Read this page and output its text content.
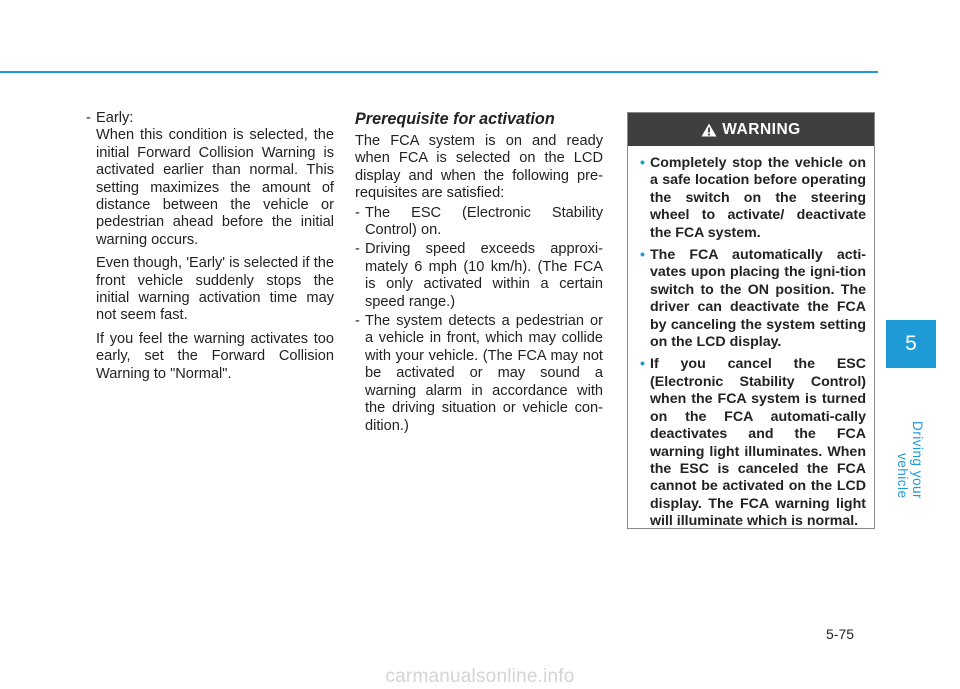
- Early:

When this condition is selected, the initial Forward Collision Warning is activated earlier than normal. This setting maximizes the amount of distance between the vehicle or pedestrian ahead before the initial warning occurs.

Even though, 'Early' is selected if the front vehicle suddenly stops the initial warning activation time may not seem fast.

If you feel the warning activates too early, set the Forward Collision Warning to "Normal".

Prerequisite for activation

The FCA system is on and ready when FCA is selected on the LCD display and when the following pre-requisites are satisfied:

- The ESC (Electronic Stability Control) on.
- Driving speed exceeds approxi-mately 6 mph (10 km/h). (The FCA is only activated within a certain speed range.)
- The system detects a pedestrian or a vehicle in front, which may collide with your vehicle. (The FCA may not be activated or may sound a warning alarm in accordance with the driving situation or vehicle con-dition.)
WARNING
• Completely stop the vehicle on a safe location before operating the switch on the steering wheel to activate/ deactivate the FCA system.
• The FCA automatically acti-vates upon placing the igni-tion switch to the ON position. The driver can deactivate the FCA by canceling the system setting on the LCD display.
• If you cancel the ESC (Electronic Stability Control) when the FCA system is turned on the FCA automati-cally deactivates and the FCA warning light illuminates. When the ESC is canceled the FCA cannot be activated on the LCD display. The FCA warning light will illuminate which is normal.
5
Driving your vehicle
5-75
carmanualsonline.info
